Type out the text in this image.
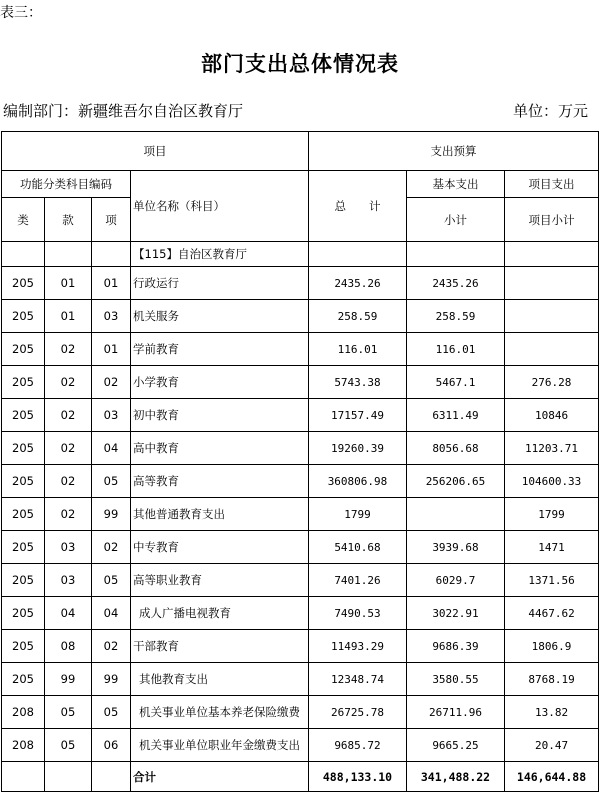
表三：
部门支出总体情况表
编制部门：新疆维吾尔自治区教育厅	单位：万元
项目				支出预算		
功能分类科目编码			单位名称（科目）	总　　计	基本支出	项目支出
类	款	项			小计	项目小计
			【115】自治区教育厅			
205	01	01	行政运行	2435.26	2435.26	
205	01	03	机关服务	258.59	258.59	
205	02	01	学前教育	116.01	116.01	
205	02	02	小学教育	5743.38	5467.1	276.28
205	02	03	初中教育	17157.49	6311.49	10846
205	02	04	高中教育	19260.39	8056.68	11203.71
205	02	05	高等教育	360806.98	256206.65	104600.33
205	02	99	其他普通教育支出	1799		1799
205	03	02	中专教育	5410.68	3939.68	1471
205	03	05	高等职业教育	7401.26	6029.7	1371.56
205	04	04	成人广播电视教育	7490.53	3022.91	4467.62
205	08	02	干部教育	11493.29	9686.39	1806.9
205	99	99	其他教育支出	12348.74	3580.55	8768.19
208	05	05	机关事业单位基本养老保险缴费	26725.78	26711.96	13.82
208	05	06	机关事业单位职业年金缴费支出	9685.72	9665.25	20.47
			合计	488,133.10	341,488.22	146,644.88
